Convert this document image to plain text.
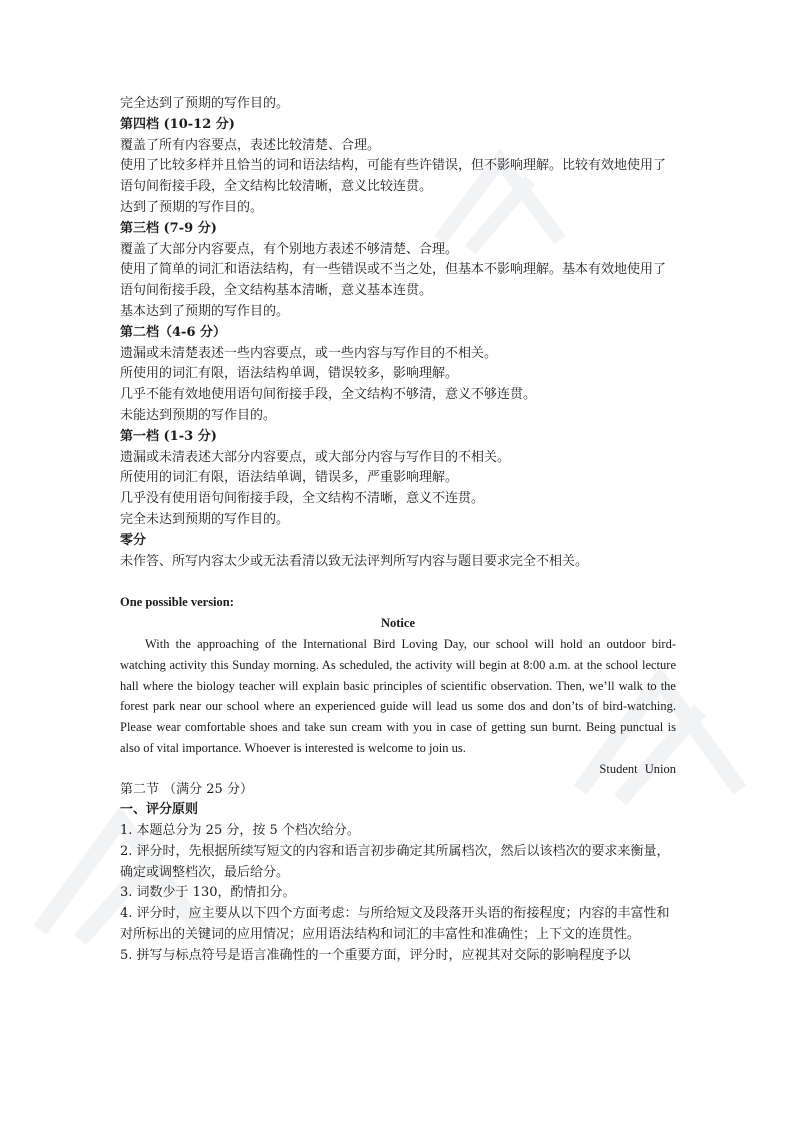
完全达到了预期的写作目的。
第四档 (10-12 分)
覆盖了所有内容要点，表述比较清楚、合理。
使用了比较多样并且恰当的词和语法结构，可能有些许错误，但不影响理解。比较有效地使用了语句间衔接手段，全文结构比较清晰，意义比较连贯。
达到了预期的写作目的。
第三档 (7-9 分)
覆盖了大部分内容要点，有个别地方表述不够清楚、合理。
使用了简单的词汇和语法结构，有一些错误或不当之处，但基本不影响理解。基本有效地使用了语句间衔接手段，全文结构基本清晰，意义基本连贯。
基本达到了预期的写作目的。
第二档（4-6 分）
遗漏或未清楚表述一些内容要点，或一些内容与写作目的不相关。
所使用的词汇有限，语法结构单调，错误较多，影响理解。
几乎不能有效地使用语句间衔接手段，全文结构不够清，意义不够连贯。
未能达到预期的写作目的。
第一档 (1-3 分)
遗漏或未清表述大部分内容要点，或大部分内容与写作目的不相关。
所使用的词汇有限，语法结单调，错误多，严重影响理解。
几乎没有使用语句间衔接手段，全文结构不清晰，意义不连贯。
完全未达到预期的写作目的。
零分
未作答、所写内容太少或无法看清以致无法评判所写内容与题目要求完全不相关。
One possible version:
Notice
With the approaching of the International Bird Loving Day, our school will hold an outdoor bird-watching activity this Sunday morning. As scheduled, the activity will begin at 8:00 a.m. at the school lecture hall where the biology teacher will explain basic principles of scientific observation. Then, we’ll walk to the forest park near our school where an experienced guide will lead us some dos and don’ts of bird-watching. Please wear comfortable shoes and take sun cream with you in case of getting sun burnt. Being punctual is also of vital importance. Whoever is interested is welcome to join us.
Student Union
第二节 （满分 25 分）
一、评分原则
1. 本题总分为 25 分，按 5 个档次给分。
2. 评分时，先根据所续写短文的内容和语言初步确定其所属档次，然后以该档次的要求来衡量，确定或调整档次，最后给分。
3. 词数少于 130，酌情扣分。
4. 评分时，应主要从以下四个方面考虑：与所给短文及段落开头语的衔接程度；内容的丰富性和对所标出的关键词的应用情况；应用语法结构和词汇的丰富性和准确性；上下文的连贯性。
5. 拼写与标点符号是语言准确性的一个重要方面，评分时，应视其对交际的影响程度予以
